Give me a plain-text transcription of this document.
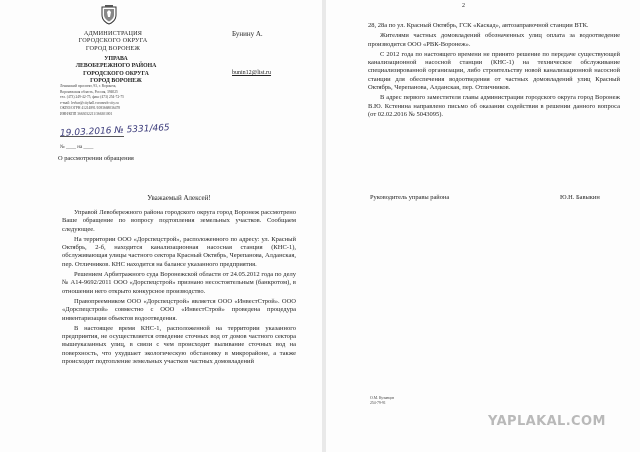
АДМИНИСТРАЦИЯ
ГОРОДСКОГО ОКРУГА
ГОРОД ВОРОНЕЖ
УПРАВА
ЛЕВОБЕРЕЖНОГО РАЙОНА
ГОРОДСКОГО ОКРУГА
ГОРОД ВОРОНЕЖ
Ленинский проспект, 93, г. Воронеж,
Воронежская область, Россия, 394025
тел. (473) 249-42-75, факс (473) 254-72-75
e-mail: levbar@cityhall.voronezh-city.ru
ОКПО/ОГРН 41214891/1083668036478
ИНН/КПП 3663032211/366301001
19.03.2016 № 5331/465
№ ____ на ____
О рассмотрении обращения
Бунину А.
bunin12@list.ru
Уважаемый Алексей!

Управой Левобережного района городского округа город Воронеж рассмотрено Ваше обращение по вопросу подтопления земельных участков. Сообщаем следующее.

На территории ООО «Дорспецстрой», расположенного по адресу: ул. Красный Октябрь, 2-б, находится канализационная насосная станция (КНС-1), обслуживающая улицы частного сектора Красный Октябрь, Черепанова, Алданская, пер. Отличников. КНС находится на балансе указанного предприятия.

Решением Арбитражного суда Воронежской области от 24.05.2012 года по делу № А14-9692/2011 ООО «Дорспецстрой» признано несостоятельным (банкротом), в отношении него открыто конкурсное производство.

Правопреемником ООО «Дорспецстрой» является ООО «ИнвестСтрой». ООО «Дорспецстрой» совместно с ООО «ИнвестСтрой» проведена процедура инвентаризации объектов водоотведения.

В настоящее время КНС-1, расположенной на территории указанного предприятия, не осуществляется отведение сточных вод от домов частного сектора вышеуказанных улиц, в связи с чем происходит выливание сточных вод на поверхность, что ухудшает экологическую обстановку в микрорайоне, а также происходит подтопление земельных участков частных домовладений

2

28, 28а по ул. Красный Октябрь, ГСК «Каскад», автозаправочной станции ВТК.

Жителями частных домовладений обозначенных улиц оплата за водоотведение производится ООО «РВК-Воронеж».

С 2012 года по настоящего времени не принято решение по передаче существующей канализационной насосной станции (КНС-1) на техническое обслуживание специализированной организации, либо строительству новой канализационной насосной станции для обеспечения водоотведения от частных домовладений улиц Красный Октябрь, Черепанова, Алданская, пер. Отличников.

В адрес первого заместителя главы администрации городского округа город Воронеж В.Ю. Кстенина направлено письмо об оказании содействия в решении данного вопроса (от 02.02.2016 № 5043095).

Руководитель управы района	Ю.Н. Бавыкин
О.М. Кузнецов
254-79-91
YAPLAKAL.COM
